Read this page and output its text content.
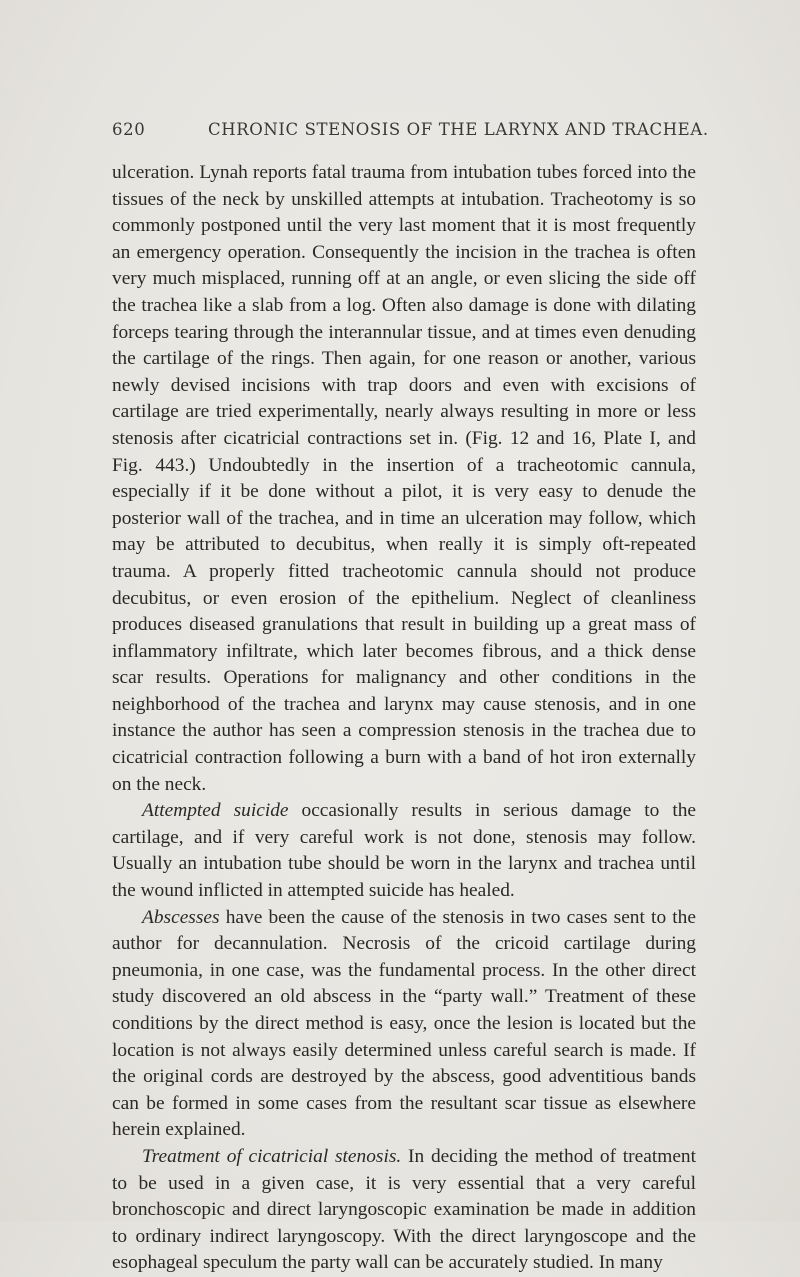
620	CHRONIC STENOSIS OF THE LARYNX AND TRACHEA.

ulceration. Lynah reports fatal trauma from intubation tubes forced into the tissues of the neck by unskilled attempts at intubation. Tracheotomy is so commonly postponed until the very last moment that it is most frequently an emergency operation. Consequently the incision in the trachea is often very much misplaced, running off at an angle, or even slicing the side off the trachea like a slab from a log. Often also damage is done with dilating forceps tearing through the interannular tissue, and at times even denuding the cartilage of the rings. Then again, for one reason or another, various newly devised incisions with trap doors and even with excisions of cartilage are tried experimentally, nearly always resulting in more or less stenosis after cicatricial contractions set in. (Fig. 12 and 16, Plate I, and Fig. 443.) Undoubtedly in the insertion of a tracheotomic cannula, especially if it be done without a pilot, it is very easy to denude the posterior wall of the trachea, and in time an ulceration may follow, which may be attributed to decubitus, when really it is simply oft-repeated trauma. A properly fitted tracheotomic cannula should not produce decubitus, or even erosion of the epithelium. Neglect of cleanliness produces diseased granulations that result in building up a great mass of inflammatory infiltrate, which later becomes fibrous, and a thick dense scar results. Operations for malignancy and other conditions in the neighborhood of the trachea and larynx may cause stenosis, and in one instance the author has seen a compression stenosis in the trachea due to cicatricial contraction following a burn with a band of hot iron externally on the neck.

Attempted suicide occasionally results in serious damage to the cartilage, and if very careful work is not done, stenosis may follow. Usually an intubation tube should be worn in the larynx and trachea until the wound inflicted in attempted suicide has healed.

Abscesses have been the cause of the stenosis in two cases sent to the author for decannulation. Necrosis of the cricoid cartilage during pneumonia, in one case, was the fundamental process. In the other direct study discovered an old abscess in the “party wall.” Treatment of these conditions by the direct method is easy, once the lesion is located but the location is not always easily determined unless careful search is made. If the original cords are destroyed by the abscess, good adventitious bands can be formed in some cases from the resultant scar tissue as elsewhere herein explained.

Treatment of cicatricial stenosis. In deciding the method of treatment to be used in a given case, it is very essential that a very careful bronchoscopic and direct laryngoscopic examination be made in addition to ordinary indirect laryngoscopy. With the direct laryngoscope and the esophageal speculum the party wall can be accurately studied. In many
